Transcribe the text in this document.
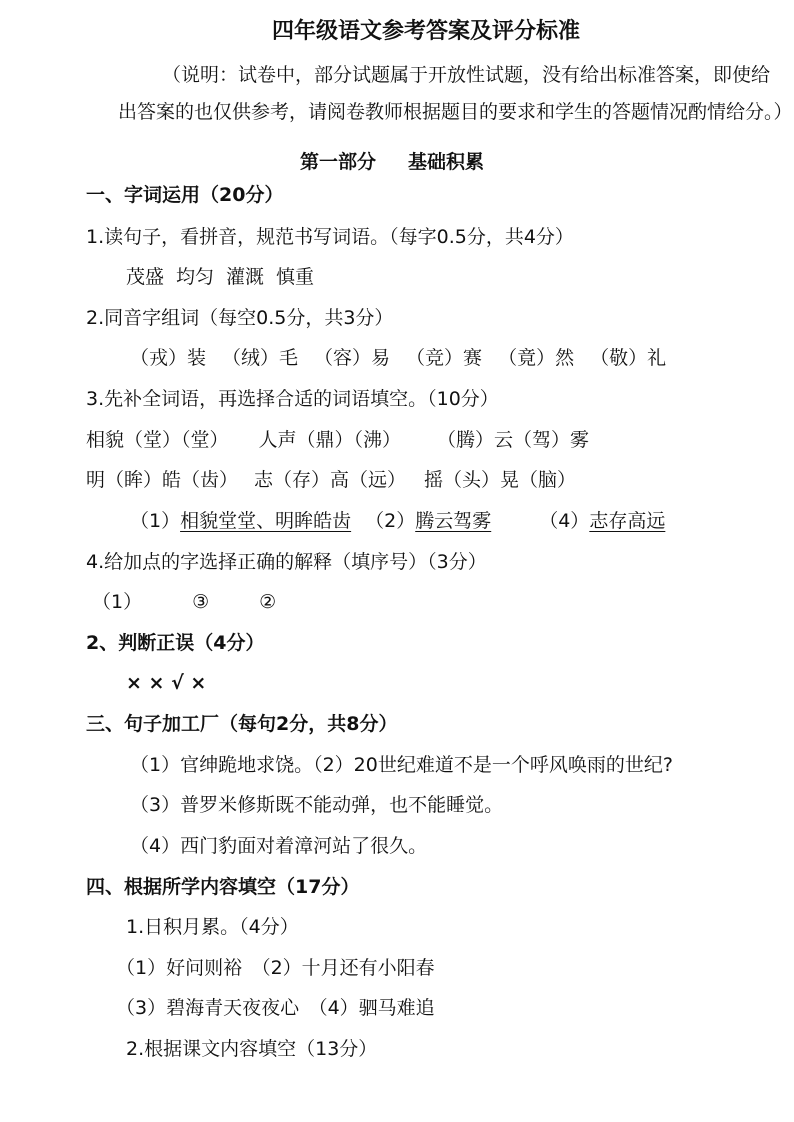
四年级语文参考答案及评分标准
（说明：试卷中，部分试题属于开放性试题，没有给出标准答案，即使给
出答案的也仅供参考，请阅卷教师根据题目的要求和学生的答题情况酌情给分。）
第一部分 基础积累
一、字词运用（20分）
1.读句子，看拼音，规范书写词语。（每字0.5分，共4分）
茂盛 均匀 灌溉 慎重
2.同音字组词（每空0.5分，共3分）
（戎）装 （绒）毛 （容）易 （竞）赛 （竟）然 （敬）礼
3.先补全词语，再选择合适的词语填空。（10分）
相貌（堂）（堂） 人声（鼎）（沸） （腾）云（驾）雾
明（眸）皓（齿） 志（存）高（远） 摇（头）晃（脑）
（1）相貌堂堂、明眸皓齿 （2）腾云驾雾	（4）志存高远
4.给加点的字选择正确的解释（填序号）（3分）
（1）	③	②
2、判断正误（4分）
× × √ ×
三、句子加工厂（每句2分，共8分）
（1）官绅跪地求饶。（2）20世纪难道不是一个呼风唤雨的世纪?
（3）普罗米修斯既不能动弹，也不能睡觉。
（4）西门豹面对着漳河站了很久。
四、根据所学内容填空（17分）
1.日积月累。（4分）
（1）好问则裕　（2）十月还有小阳春
（3）碧海青天夜夜心　（4）驷马难追
2.根据课文内容填空（13分）
